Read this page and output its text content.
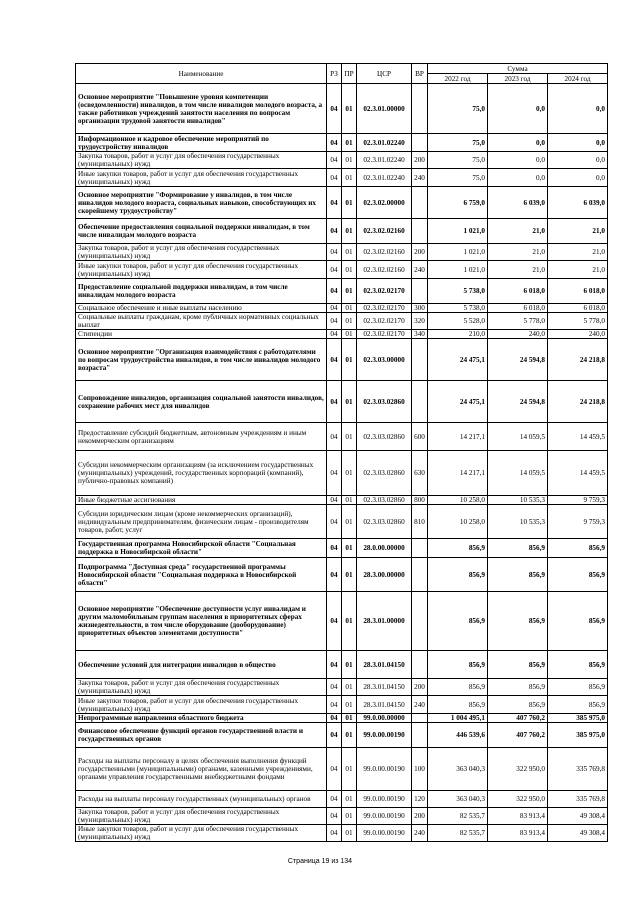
Наименование	РЗ	ПР	ЦСР	ВР	Сумма		
					2022 год	2023 год	2024 год
Основное мероприятие "Повышение уровня компетенции (осведомленности) инвалидов, в том числе инвалидов молодого возраста, а также работников учреждений занятости населения по вопросам организации трудовой занятости инвалидов"	04	01	02.3.01.00000		75,0	0,0	0,0
Информационное и кадровое обеспечение мероприятий по трудоустройству инвалидов	04	01	02.3.01.02240		75,0	0,0	0,0
Закупка товаров, работ и услуг для обеспечения государственных (муниципальных) нужд	04	01	02.3.01.02240	200	75,0	0,0	0,0
Иные закупки товаров, работ и услуг для обеспечения государственных (муниципальных) нужд	04	01	02.3.01.02240	240	75,0	0,0	0,0
Основное мероприятие "Формирование у инвалидов, в том числе инвалидов молодого возраста, социальных навыков, способствующих их скорейшему трудоустройству"	04	01	02.3.02.00000		6 759,0	6 039,0	6 039,0
Обеспечение предоставления социальной поддержки инвалидам, в том числе инвалидам молодого возраста	04	01	02.3.02.02160		1 021,0	21,0	21,0
Закупка товаров, работ и услуг для обеспечения государственных (муниципальных) нужд	04	01	02.3.02.02160	200	1 021,0	21,0	21,0
Иные закупки товаров, работ и услуг для обеспечения государственных (муниципальных) нужд	04	01	02.3.02.02160	240	1 021,0	21,0	21,0
Предоставление социальной поддержки инвалидам, в том числе инвалидам молодого возраста	04	01	02.3.02.02170		5 738,0	6 018,0	6 018,0
Социальное обеспечение и иные выплаты населению	04	01	02.3.02.02170	300	5 738,0	6 018,0	6 018,0
Социальные выплаты гражданам, кроме публичных нормативных социальных выплат	04	01	02.3.02.02170	320	5 528,0	5 778,0	5 778,0
Стипендии	04	01	02.3.02.02170	340	210,0	240,0	240,0
Основное мероприятие "Организация взаимодействия с работодателями по вопросам трудоустройства инвалидов, в том числе инвалидов молодого возраста"	04	01	02.3.03.00000		24 475,1	24 594,8	24 218,8
Сопровождение инвалидов, организация социальной занятости инвалидов, сохранение рабочих мест для инвалидов	04	01	02.3.03.02860		24 475,1	24 594,8	24 218,8
Предоставление субсидий бюджетным, автономным учреждениям и иным некоммерческим организациям	04	01	02.3.03.02860	600	14 217,1	14 059,5	14 459,5
Субсидии некоммерческим организациям (за исключением государственных (муниципальных) учреждений, государственных корпораций (компаний), публично-правовых компаний)	04	01	02.3.03.02860	630	14 217,1	14 059,5	14 459,5
Иные бюджетные ассигнования	04	01	02.3.03.02860	800	10 258,0	10 535,3	9 759,3
Субсидии юридическим лицам (кроме некоммерческих организаций), индивидуальным предпринимателям, физическим лицам - производителям товаров, работ, услуг	04	01	02.3.03.02860	810	10 258,0	10 535,3	9 759,3
Государственная программа Новосибирской области "Социальная поддержка в Новосибирской области"	04	01	28.0.00.00000		856,9	856,9	856,9
Подпрограмма "Доступная среда" государственной программы Новосибирской области "Социальная поддержка в Новосибирской области"	04	01	28.3.00.00000		856,9	856,9	856,9
Основное мероприятие "Обеспечение доступности услуг инвалидам и другим маломобильным группам населения в приоритетных сферах жизнедеятельности, в том числе оборудование (дооборудование) приоритетных объектов элементами доступности"	04	01	28.3.01.00000		856,9	856,9	856,9
Обеспечение условий для интеграции инвалидов в общество	04	01	28.3.01.04150		856,9	856,9	856,9
Закупка товаров, работ и услуг для обеспечения государственных (муниципальных) нужд	04	01	28.3.01.04150	200	856,9	856,9	856,9
Иные закупки товаров, работ и услуг для обеспечения государственных (муниципальных) нужд	04	01	28.3.01.04150	240	856,9	856,9	856,9
Непрограммные направления областного бюджета	04	01	99.0.00.00000		1 004 495,1	407 760,2	385 975,0
Финансовое обеспечение функций органов государственной власти и государственных органов	04	01	99.0.00.00190		446 539,6	407 760,2	385 975,0
Расходы на выплаты персоналу в целях обеспечения выполнения функций государственными (муниципальными) органами, казенными учреждениями, органами управления государственными внебюджетными фондами	04	01	99.0.00.00190	100	363 040,3	322 950,0	335 769,8
Расходы на выплаты персоналу государственных (муниципальных) органов	04	01	99.0.00.00190	120	363 040,3	322 950,0	335 769,8
Закупка товаров, работ и услуг для обеспечения государственных (муниципальных) нужд	04	01	99.0.00.00190	200	82 535,7	83 913,4	49 308,4
Иные закупки товаров, работ и услуг для обеспечения государственных (муниципальных) нужд	04	01	99.0.00.00190	240	82 535,7	83 913,4	49 308,4
Страница 19 из 134
